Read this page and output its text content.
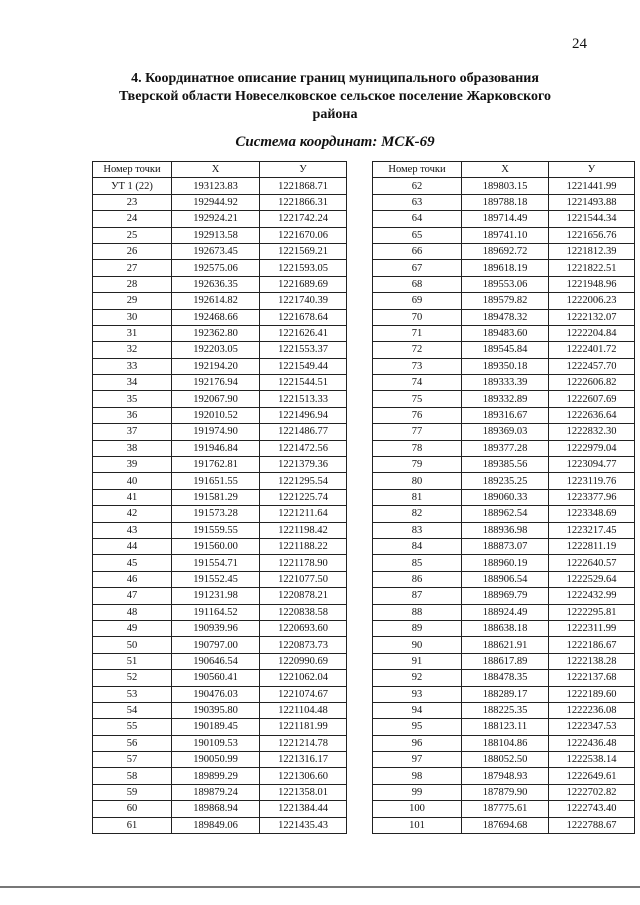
24
4. Координатное описание границ муниципального образования
Тверской области Новеселковское сельское поселение Жарковского
района
Система координат: МСК-69
Номер точки	X	У
УТ 1 (22)	193123.83	1221868.71
23	192944.92	1221866.31
24	192924.21	1221742.24
25	192913.58	1221670.06
26	192673.45	1221569.21
27	192575.06	1221593.05
28	192636.35	1221689.69
29	192614.82	1221740.39
30	192468.66	1221678.64
31	192362.80	1221626.41
32	192203.05	1221553.37
33	192194.20	1221549.44
34	192176.94	1221544.51
35	192067.90	1221513.33
36	192010.52	1221496.94
37	191974.90	1221486.77
38	191946.84	1221472.56
39	191762.81	1221379.36
40	191651.55	1221295.54
41	191581.29	1221225.74
42	191573.28	1221211.64
43	191559.55	1221198.42
44	191560.00	1221188.22
45	191554.71	1221178.90
46	191552.45	1221077.50
47	191231.98	1220878.21
48	191164.52	1220838.58
49	190939.96	1220693.60
50	190797.00	1220873.73
51	190646.54	1220990.69
52	190560.41	1221062.04
53	190476.03	1221074.67
54	190395.80	1221104.48
55	190189.45	1221181.99
56	190109.53	1221214.78
57	190050.99	1221316.17
58	189899.29	1221306.60
59	189879.24	1221358.01
60	189868.94	1221384.44
61	189849.06	1221435.43
Номер точки	X	У
62	189803.15	1221441.99
63	189788.18	1221493.88
64	189714.49	1221544.34
65	189741.10	1221656.76
66	189692.72	1221812.39
67	189618.19	1221822.51
68	189553.06	1221948.96
69	189579.82	1222006.23
70	189478.32	1222132.07
71	189483.60	1222204.84
72	189545.84	1222401.72
73	189350.18	1222457.70
74	189333.39	1222606.82
75	189332.89	1222607.69
76	189316.67	1222636.64
77	189369.03	1222832.30
78	189377.28	1222979.04
79	189385.56	1223094.77
80	189235.25	1223119.76
81	189060.33	1223377.96
82	188962.54	1223348.69
83	188936.98	1223217.45
84	188873.07	1222811.19
85	188960.19	1222640.57
86	188906.54	1222529.64
87	188969.79	1222432.99
88	188924.49	1222295.81
89	188638.18	1222311.99
90	188621.91	1222186.67
91	188617.89	1222138.28
92	188478.35	1222137.68
93	188289.17	1222189.60
94	188225.35	1222236.08
95	188123.11	1222347.53
96	188104.86	1222436.48
97	188052.50	1222538.14
98	187948.93	1222649.61
99	187879.90	1222702.82
100	187775.61	1222743.40
101	187694.68	1222788.67
